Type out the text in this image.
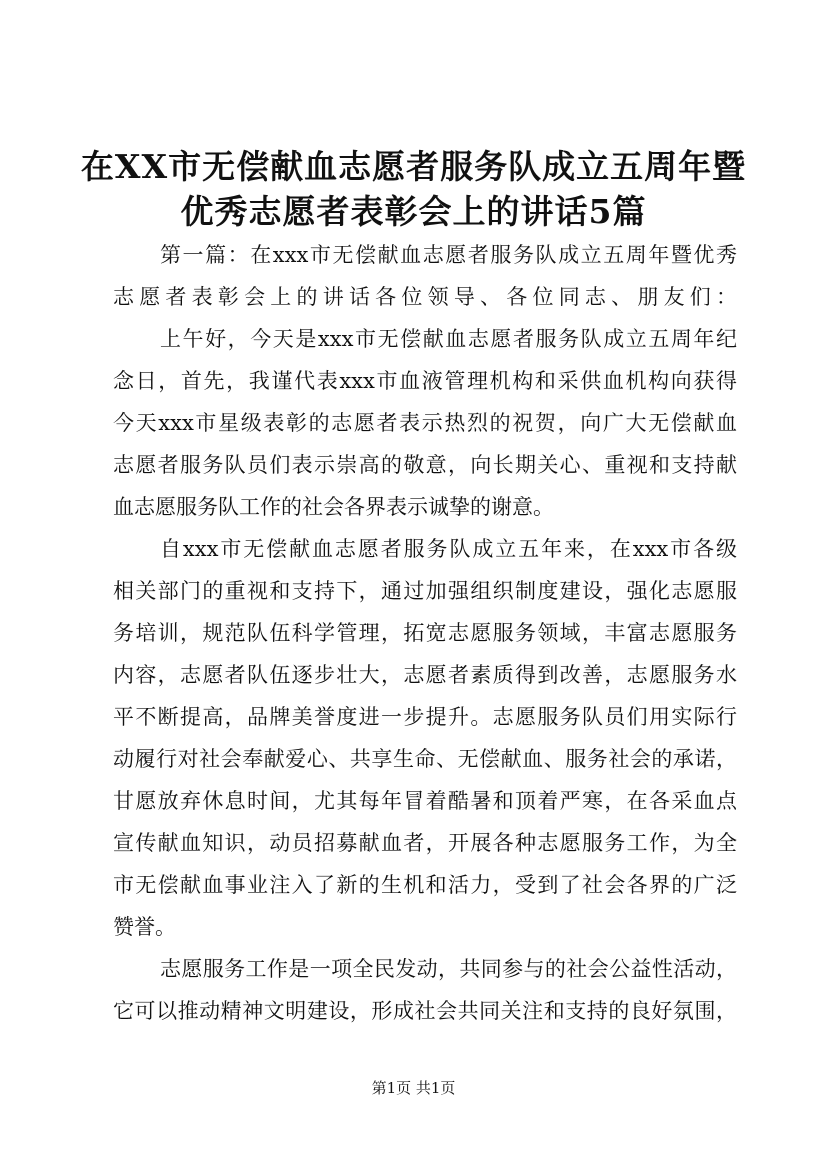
在XX市无偿献血志愿者服务队成立五周年暨
优秀志愿者表彰会上的讲话5篇
第一篇：在xxx市无偿献血志愿者服务队成立五周年暨优秀
志愿者表彰会上的讲话各位领导、各位同志、朋友们：
上午好，今天是xxx市无偿献血志愿者服务队成立五周年纪
念日，首先，我谨代表xxx市血液管理机构和采供血机构向获得
今天xxx市星级表彰的志愿者表示热烈的祝贺，向广大无偿献血
志愿者服务队员们表示崇高的敬意，向长期关心、重视和支持献
血志愿服务队工作的社会各界表示诚挚的谢意。
自xxx市无偿献血志愿者服务队成立五年来，在xxx市各级
相关部门的重视和支持下，通过加强组织制度建设，强化志愿服
务培训，规范队伍科学管理，拓宽志愿服务领域，丰富志愿服务
内容，志愿者队伍逐步壮大，志愿者素质得到改善，志愿服务水
平不断提高，品牌美誉度进一步提升。志愿服务队员们用实际行
动履行对社会奉献爱心、共享生命、无偿献血、服务社会的承诺，
甘愿放弃休息时间，尤其每年冒着酷暑和顶着严寒，在各采血点
宣传献血知识，动员招募献血者，开展各种志愿服务工作，为全
市无偿献血事业注入了新的生机和活力，受到了社会各界的广泛
赞誉。
志愿服务工作是一项全民发动，共同参与的社会公益性活动，
它可以推动精神文明建设，形成社会共同关注和支持的良好氛围，
第1页 共1页
